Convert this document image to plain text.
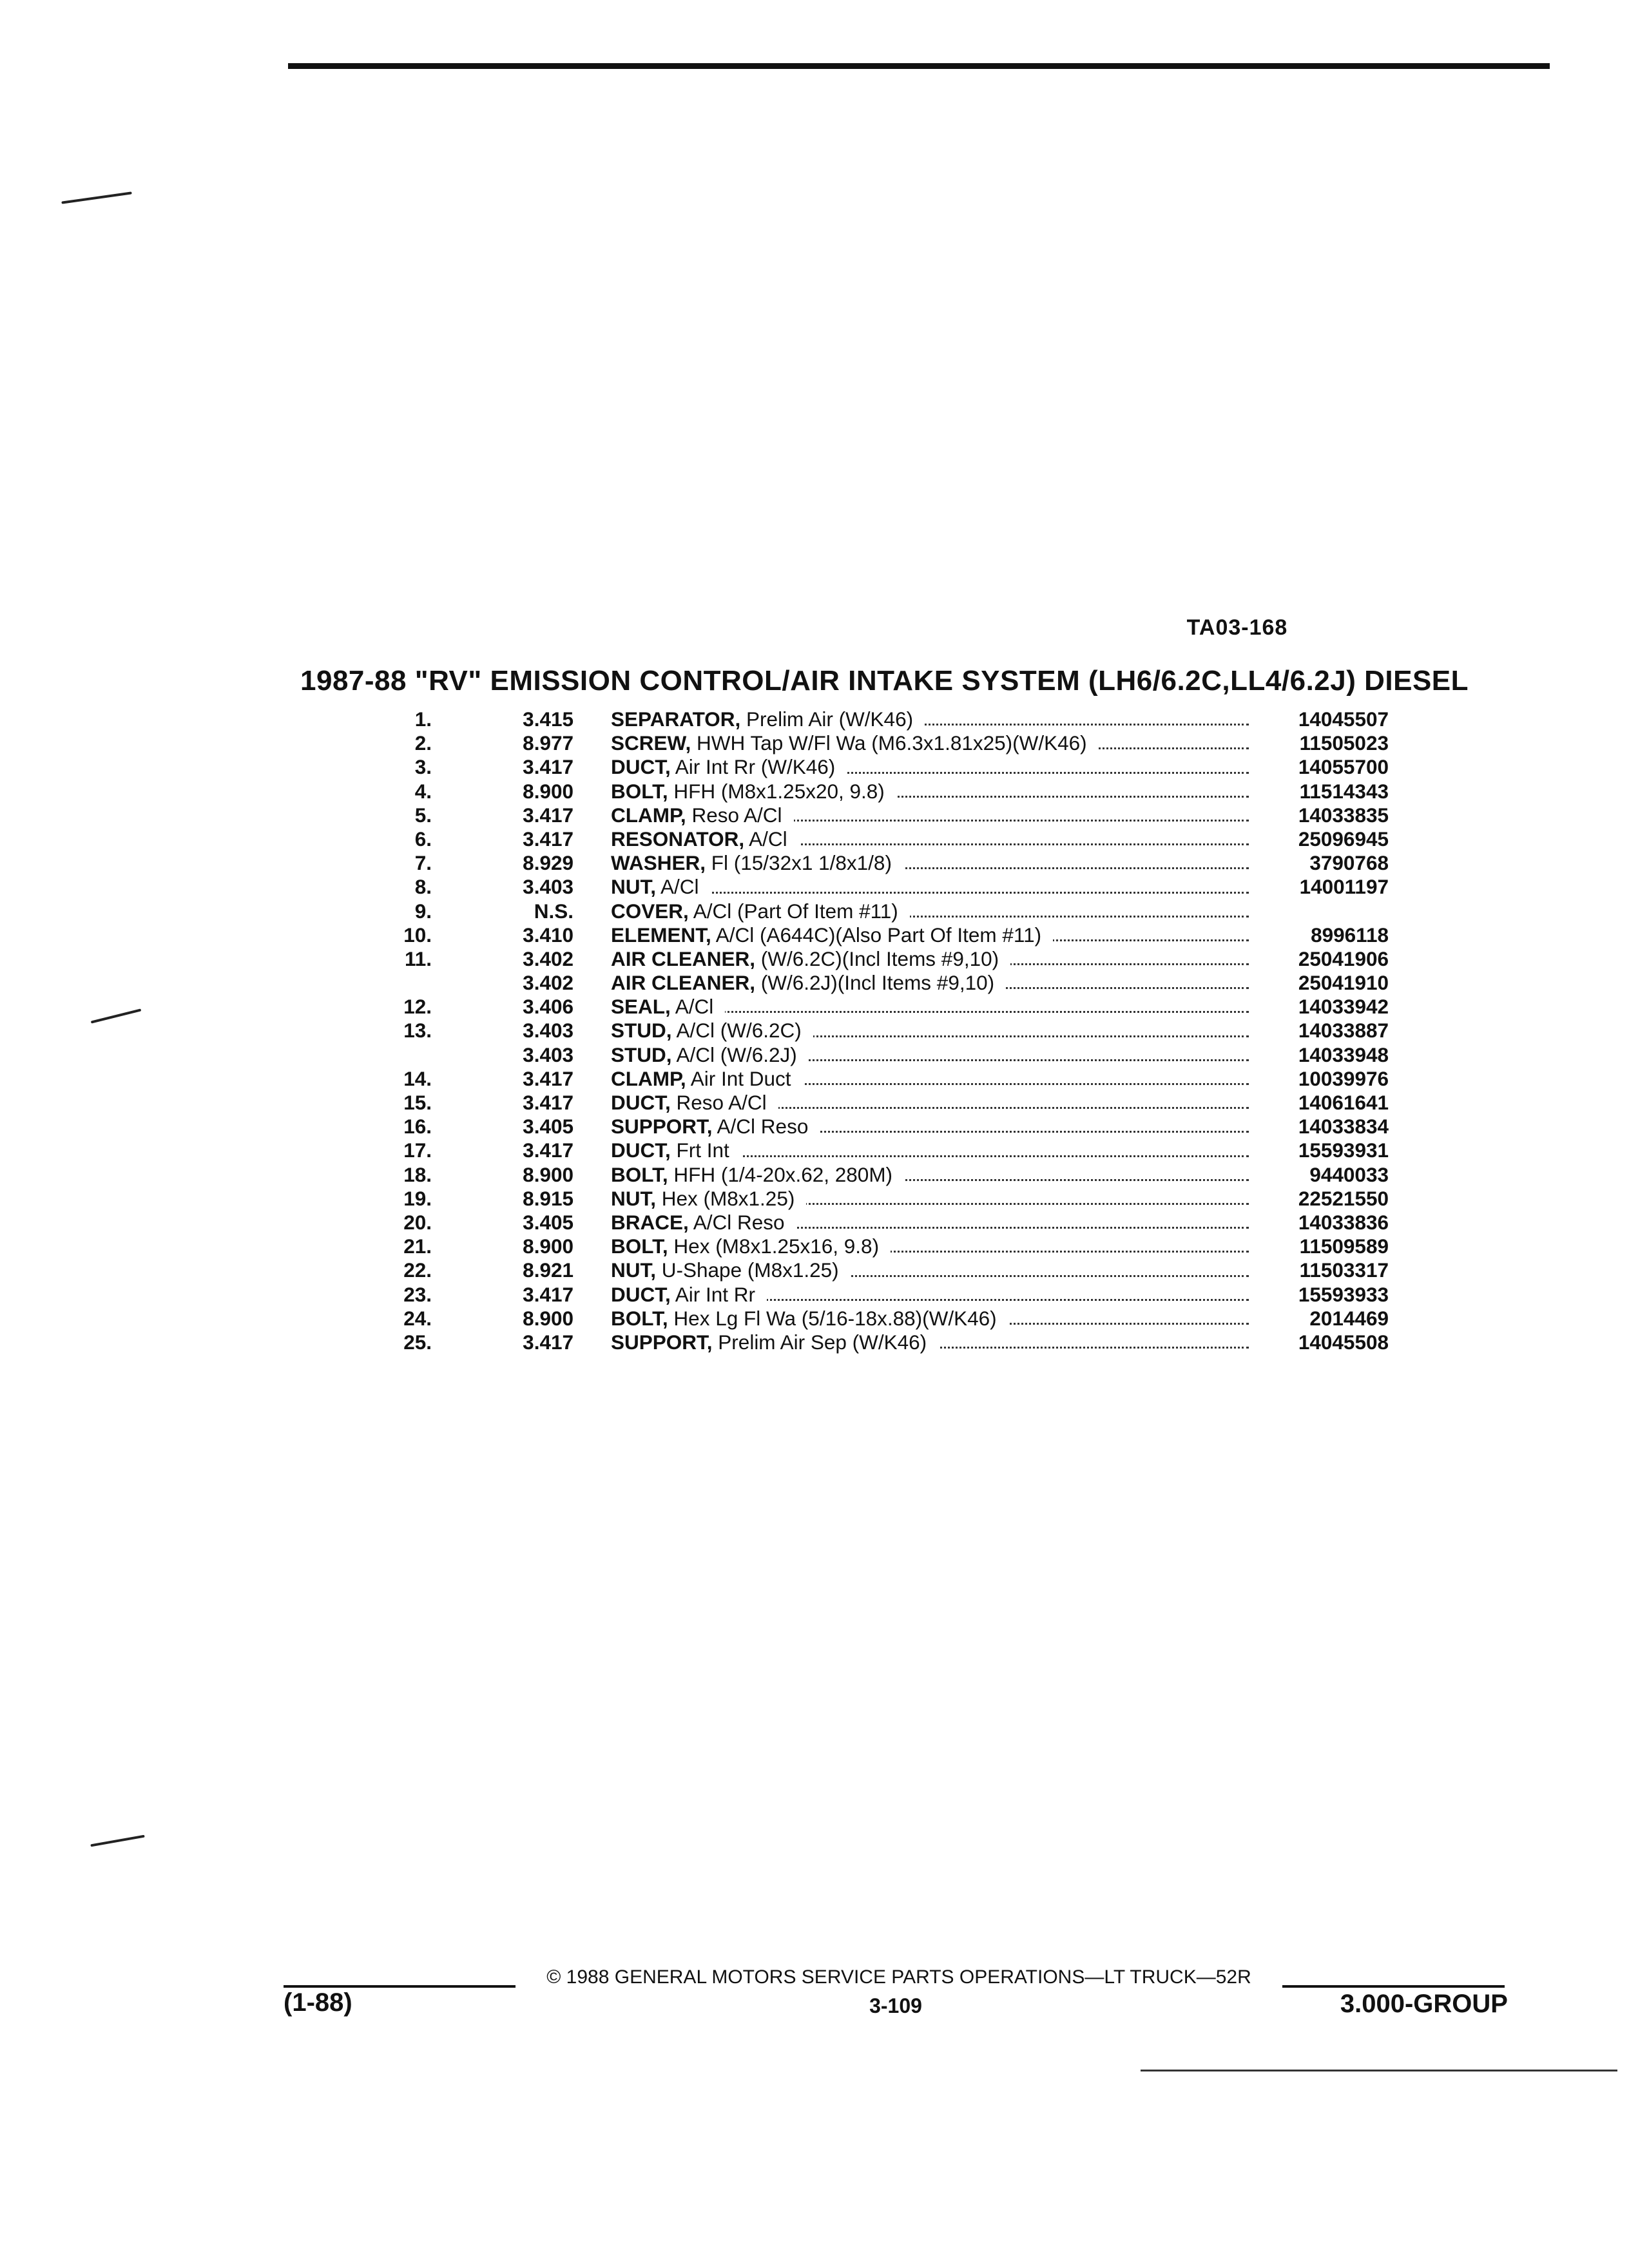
TA03-168
1987-88 "RV" EMISSION CONTROL/AIR INTAKE SYSTEM (LH6/6.2C,LL4/6.2J) DIESEL
1.	3.415 SEPARATOR, Prelim Air (W/K46)	14045507
2.	8.977 SCREW, HWH Tap W/Fl Wa (M6.3x1.81x25)(W/K46)	11505023
3.	3.417 DUCT, Air Int Rr (W/K46)	14055700
4.	8.900 BOLT, HFH (M8x1.25x20, 9.8)	11514343
5.	3.417 CLAMP, Reso A/Cl	14033835
6.	3.417 RESONATOR, A/Cl	25096945
7.	8.929 WASHER, Fl (15/32x1 1/8x1/8)	3790768
8.	3.403 NUT, A/Cl	14001197
9.	N.S. COVER, A/Cl (Part Of Item #11)
10.	3.410 ELEMENT, A/Cl (A644C)(Also Part Of Item #11)	8996118
11.	3.402 AIR CLEANER, (W/6.2C)(Incl Items #9,10)	25041906
3.402 AIR CLEANER, (W/6.2J)(Incl Items #9,10)	25041910
12.	3.406 SEAL, A/Cl	14033942
13.	3.403 STUD, A/Cl (W/6.2C)	14033887
3.403 STUD, A/Cl (W/6.2J)	14033948
14.	3.417 CLAMP, Air Int Duct	10039976
15.	3.417 DUCT, Reso A/Cl	14061641
16.	3.405 SUPPORT, A/Cl Reso	14033834
17.	3.417 DUCT, Frt Int	15593931
18.	8.900 BOLT, HFH (1/4-20x.62, 280M)	9440033
19.	8.915 NUT, Hex (M8x1.25)	22521550
20.	3.405 BRACE, A/Cl Reso	14033836
21.	8.900 BOLT, Hex (M8x1.25x16, 9.8)	11509589
22.	8.921 NUT, U-Shape (M8x1.25)	11503317
23.	3.417 DUCT, Air Int Rr	15593933
24.	8.900 BOLT, Hex Lg Fl Wa (5/16-18x.88)(W/K46)	2014469
25.	3.417 SUPPORT, Prelim Air Sep (W/K46)	14045508
© 1988 GENERAL MOTORS SERVICE PARTS OPERATIONS—LT TRUCK—52R
(1-88)	3-109	3.000-GROUP
